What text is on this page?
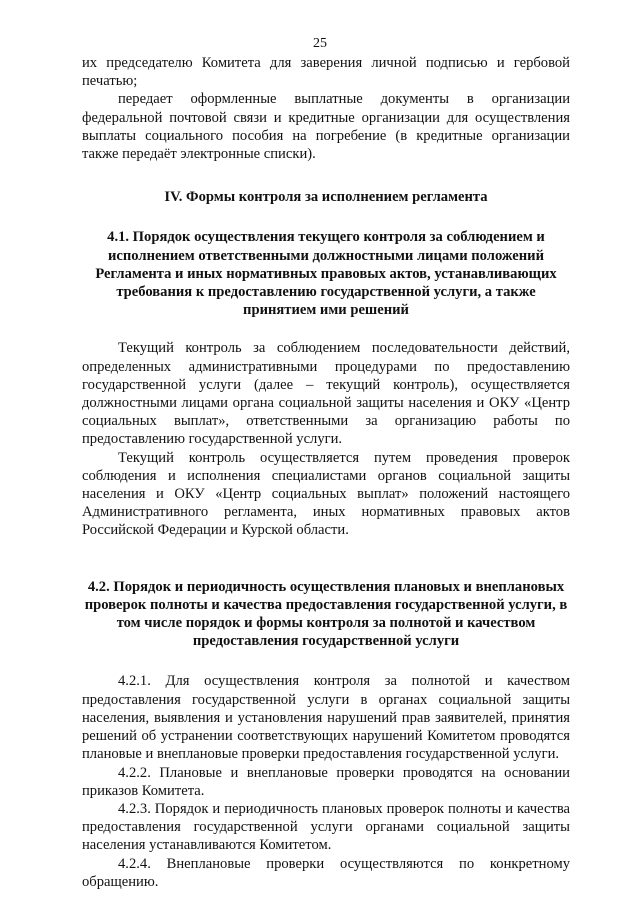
25

их председателю Комитета для заверения личной подписью и гербовой печатью;

передает оформленные выплатные документы в организации федеральной почтовой связи и кредитные организации для осуществления выплаты социального пособия на погребение (в кредитные организации также передаёт электронные списки).

IV. Формы контроля за исполнением регламента
4.1. Порядок осуществления текущего контроля за соблюдением и исполнением ответственными должностными лицами положений Регламента и иных нормативных правовых актов, устанавливающих требования к предоставлению государственной услуги, а также принятием ими решений

Текущий контроль за соблюдением последовательности действий, определенных административными процедурами по предоставлению государственной услуги (далее – текущий контроль), осуществляется должностными лицами органа социальной защиты населения и ОКУ «Центр социальных выплат», ответственными за организацию работы по предоставлению государственной услуги.

Текущий контроль осуществляется путем проведения проверок соблюдения и исполнения специалистами органов социальной защиты населения и ОКУ «Центр социальных выплат» положений настоящего Административного регламента, иных нормативных правовых актов Российской Федерации и Курской области.

4.2. Порядок и периодичность осуществления плановых и внеплановых проверок полноты и качества предоставления государственной услуги, в том числе порядок и формы контроля за полнотой и качеством предоставления государственной услуги

4.2.1. Для осуществления контроля за полнотой и качеством предоставления государственной услуги в органах социальной защиты населения, выявления и установления нарушений прав заявителей, принятия решений об устранении соответствующих нарушений Комитетом проводятся плановые и внеплановые проверки предоставления государственной услуги.

4.2.2. Плановые и внеплановые проверки проводятся на основании приказов Комитета.

4.2.3. Порядок и периодичность плановых проверок полноты и качества предоставления государственной услуги органами социальной защиты населения устанавливаются Комитетом.

4.2.4. Внеплановые проверки осуществляются по конкретному обращению.
